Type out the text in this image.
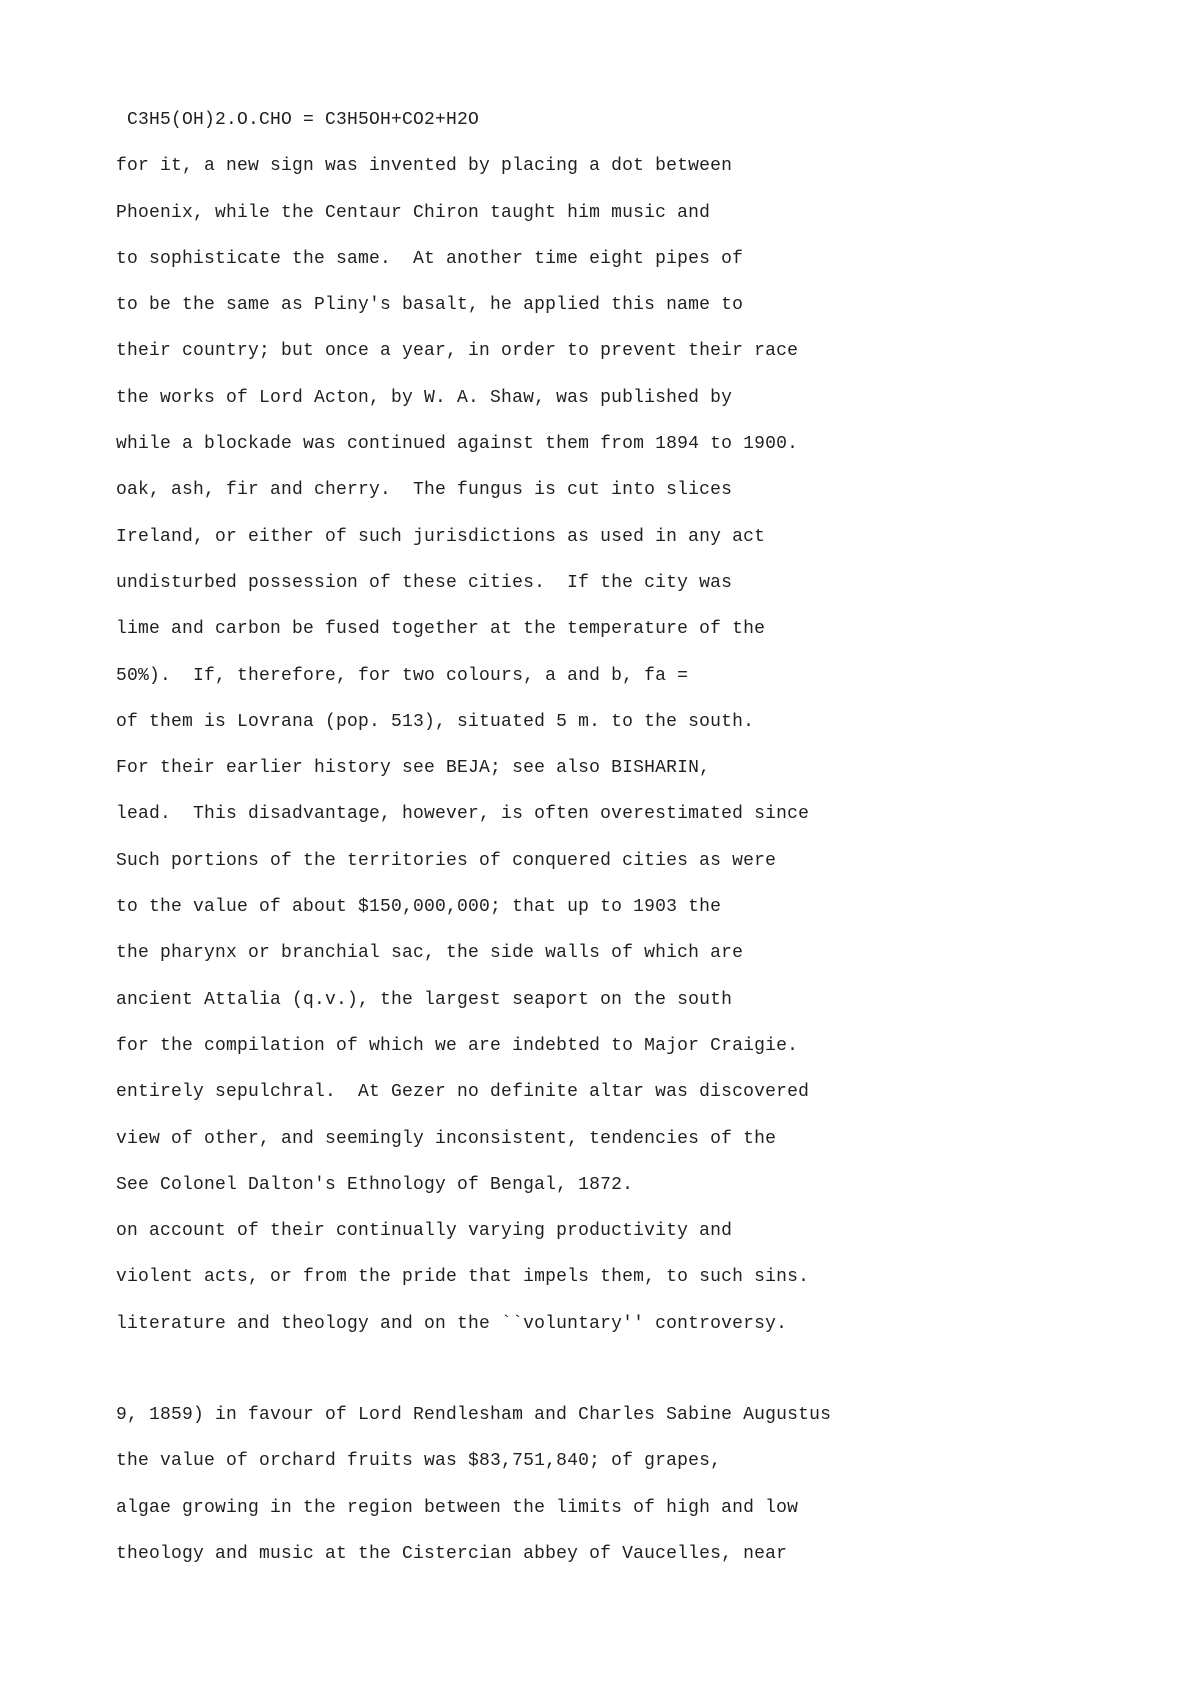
C3H5(OH)2.O.CHO = C3H5OH+CO2+H2O
for it, a new sign was invented by placing a dot between
Phoenix, while the Centaur Chiron taught him music and
to sophisticate the same.  At another time eight pipes of
to be the same as Pliny's basalt, he applied this name to
their country; but once a year, in order to prevent their race
the works of Lord Acton, by W. A. Shaw, was published by
while a blockade was continued against them from 1894 to 1900.
oak, ash, fir and cherry.  The fungus is cut into slices
Ireland, or either of such jurisdictions as used in any act
undisturbed possession of these cities.  If the city was
lime and carbon be fused together at the temperature of the
50%).  If, therefore, for two colours, a and b, fa =
of them is Lovrana (pop. 513), situated 5 m. to the south.
For their earlier history see BEJA; see also BISHARIN,
lead.  This disadvantage, however, is often overestimated since
Such portions of the territories of conquered cities as were
to the value of about $150,000,000; that up to 1903 the
the pharynx or branchial sac, the side walls of which are
ancient Attalia (q.v.), the largest seaport on the south
for the compilation of which we are indebted to Major Craigie.
entirely sepulchral.  At Gezer no definite altar was discovered
view of other, and seemingly inconsistent, tendencies of the
See Colonel Dalton's Ethnology of Bengal, 1872.
on account of their continually varying productivity and
violent acts, or from the pride that impels them, to such sins.
literature and theology and on the ``voluntary'' controversy.
9, 1859) in favour of Lord Rendlesham and Charles Sabine Augustus
the value of orchard fruits was $83,751,840; of grapes,
algae growing in the region between the limits of high and low
theology and music at the Cistercian abbey of Vaucelles, near
